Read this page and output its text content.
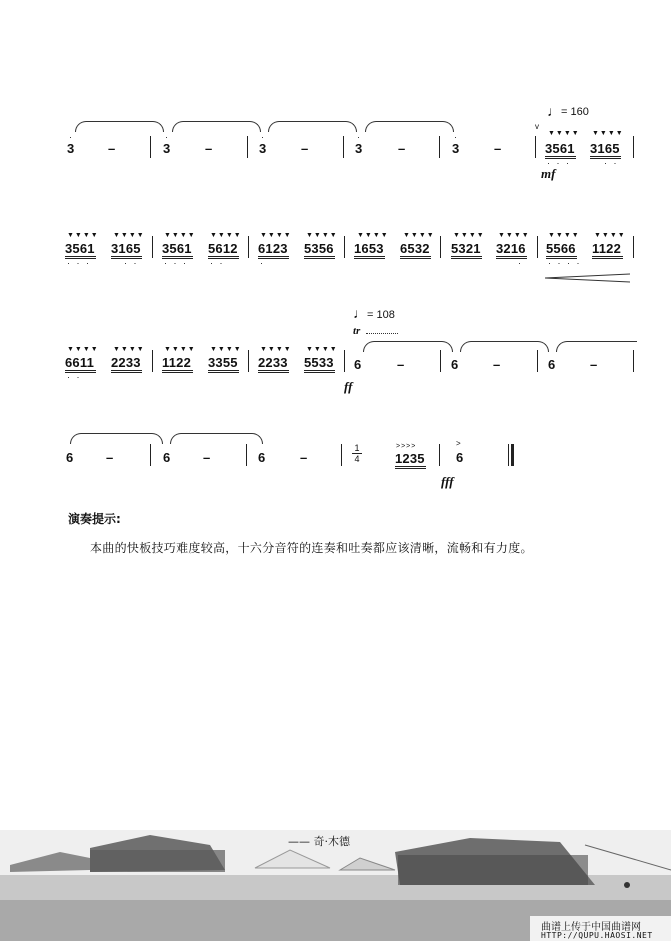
·	·	·	·	·
3	–	3	–	3	–	3	–	3	–
♩ = 160
v
▼▼▼▼ ▼▼▼▼
3561 3165
· · ·	· ·
mf
▼▼▼▼ ▼▼▼▼	▼▼▼▼ ▼▼▼▼	▼▼▼▼ ▼▼▼▼	▼▼▼▼ ▼▼▼▼	▼▼▼▼ ▼▼▼▼	▼▼▼▼ ▼▼▼▼
3561 3165 3561 5612 6123 5356 1653 6532 5321 3216 5566 1122
· · ·	· ·	· · · · ·	·	·	· · · ·
♩ = 108
tr
▼▼▼▼ ▼▼▼▼	▼▼▼▼ ▼▼▼▼	▼▼▼▼ ▼▼▼▼
6611 2233 1122 3355 2233 5533 6	–	6	–	6	–
· ·
ff
6	–	6	–	6	–
1
4
>>>>
1235
>
6
fff
演奏提示:
本曲的快板技巧难度较高，十六分音符的连奏和吐奏都应该清晰，流畅和有力度。
—— 奇·木德
曲谱上传于中国曲谱网
HTTP://QUPU.HAOSI.NET
